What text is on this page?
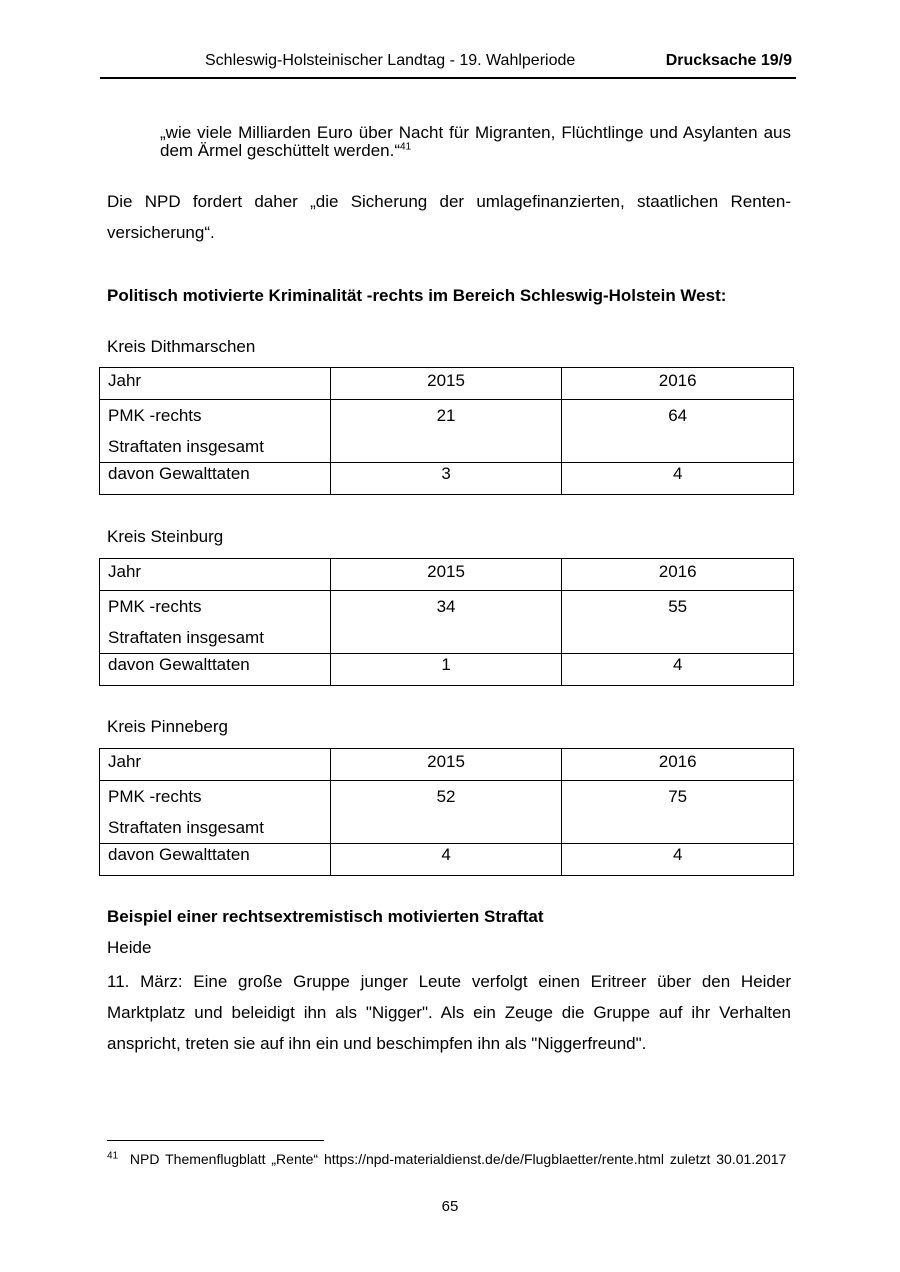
Schleswig-Holsteinischer Landtag - 19. Wahlperiode	Drucksache 19/9
„wie viele Milliarden Euro über Nacht für Migranten, Flüchtlinge und Asylanten aus dem Ärmel geschüttelt werden.“$^{41}$
Die NPD fordert daher „die Sicherung der umlagefinanzierten, staatlichen Renten-versicherung“.
Politisch motivierte Kriminalität -rechts im Bereich Schleswig-Holstein West:
Kreis Dithmarschen
Jahr	2015	2016

PMK -rechts
Straftaten insgesamt	21	64
davon Gewalttaten	3	4
Kreis Steinburg
Jahr	2015	2016

PMK -rechts
Straftaten insgesamt	34	55
davon Gewalttaten	1	4
Kreis Pinneberg
Jahr	2015	2016

PMK -rechts
Straftaten insgesamt	52	75
davon Gewalttaten	4	4
Beispiel einer rechtsextremistisch motivierten Straftat
Heide
11. März: Eine große Gruppe junger Leute verfolgt einen Eritreer über den Heider Marktplatz und beleidigt ihn als "Nigger". Als ein Zeuge die Gruppe auf ihr Verhalten anspricht, treten sie auf ihn ein und beschimpfen ihn als "Niggerfreund".
$^{41}$ NPD Themenflugblatt „Rente“ https://npd-materialdienst.de/de/Flugblaetter/rente.html zuletzt 30.01.2017
65
